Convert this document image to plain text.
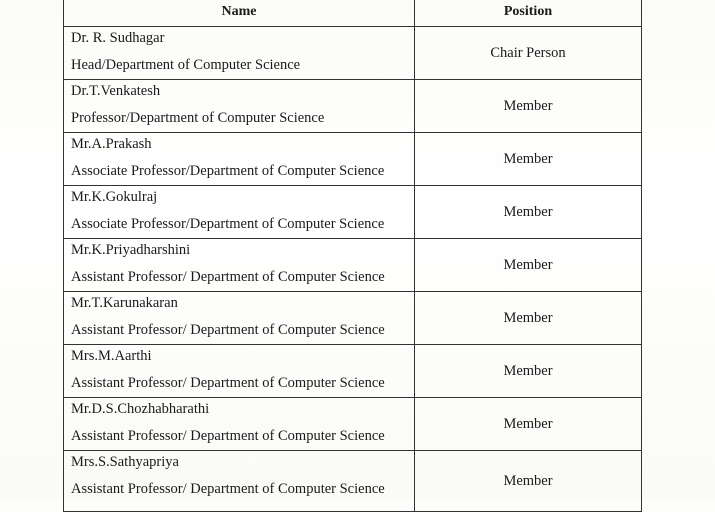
Name	Position

Dr. R. Sudhagar
Head/Department of Computer Science	Chair Person

Dr.T.Venkatesh
Professor/Department of Computer Science	Member

Mr.A.Prakash
Associate Professor/Department of Computer Science	Member

Mr.K.Gokulraj
Associate Professor/Department of Computer Science	Member

Mr.K.Priyadharshini
Assistant Professor/ Department of Computer Science	Member

Mr.T.Karunakaran
Assistant Professor/ Department of Computer Science	Member

Mrs.M.Aarthi
Assistant Professor/ Department of Computer Science	Member

Mr.D.S.Chozhabharathi
Assistant Professor/ Department of Computer Science	Member

Mrs.S.Sathyapriya
Assistant Professor/ Department of Computer Science	Member
